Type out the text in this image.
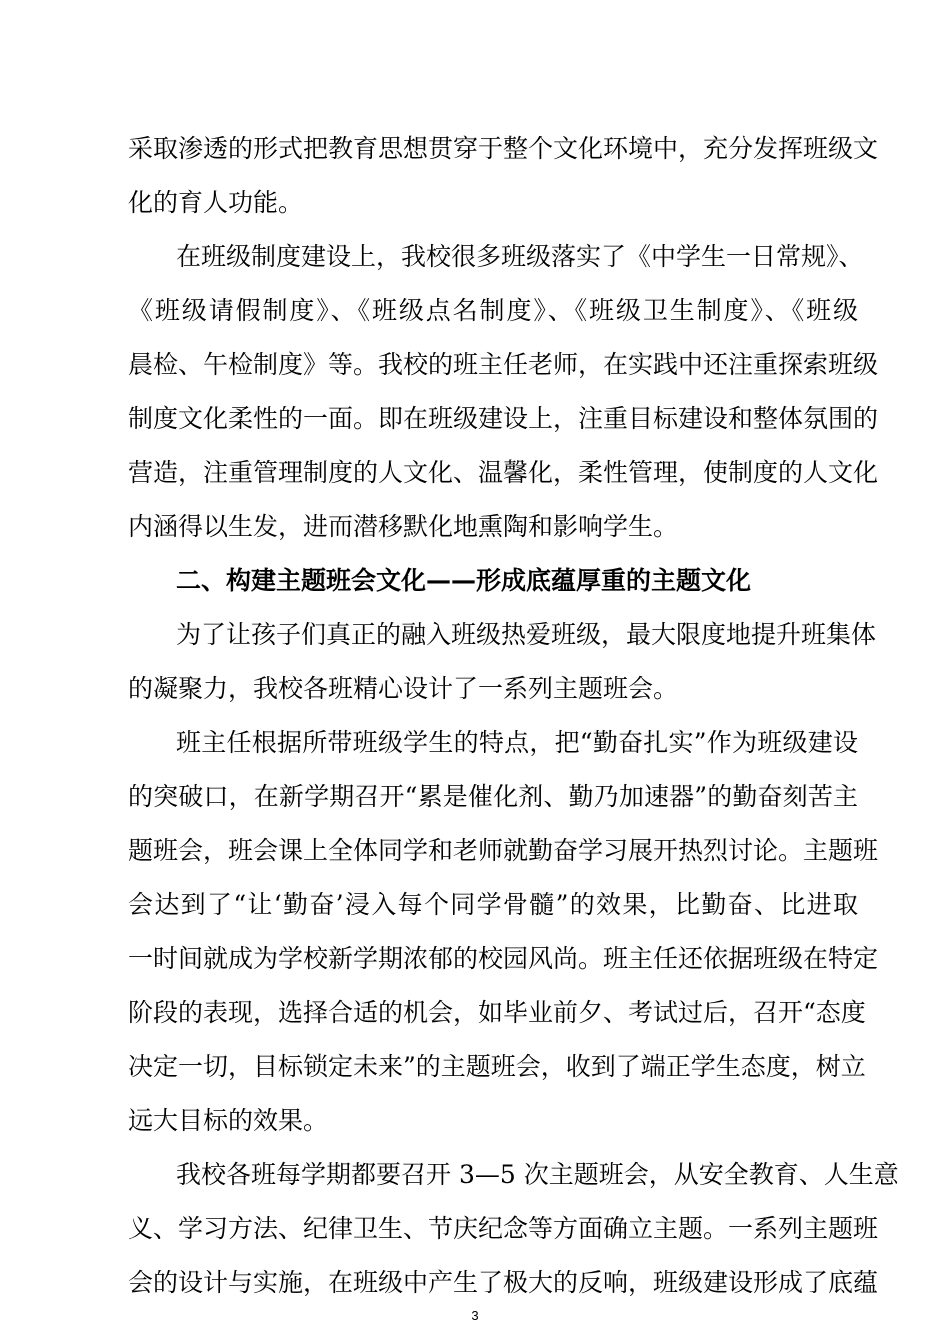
采取渗透的形式把教育思想贯穿于整个文化环境中，充分发挥班级文
化的育人功能。
在班级制度建设上，我校很多班级落实了《中学生一日常规》、
《班级请假制度》、《班级点名制度》、《班级卫生制度》、《班级
晨检、午检制度》等。我校的班主任老师，在实践中还注重探索班级
制度文化柔性的一面。即在班级建设上，注重目标建设和整体氛围的
营造，注重管理制度的人文化、温馨化，柔性管理，使制度的人文化
内涵得以生发，进而潜移默化地熏陶和影响学生。
二、构建主题班会文化——形成底蕴厚重的主题文化
为了让孩子们真正的融入班级热爱班级，最大限度地提升班集体
的凝聚力，我校各班精心设计了一系列主题班会。
班主任根据所带班级学生的特点，把“勤奋扎实”作为班级建设
的突破口，在新学期召开“累是催化剂、勤乃加速器”的勤奋刻苦主
题班会，班会课上全体同学和老师就勤奋学习展开热烈讨论。主题班
会达到了“让‘勤奋’浸入每个同学骨髓”的效果，比勤奋、比进取
一时间就成为学校新学期浓郁的校园风尚。班主任还依据班级在特定
阶段的表现，选择合适的机会，如毕业前夕、考试过后，召开“态度
决定一切，目标锁定未来”的主题班会，收到了端正学生态度，树立
远大目标的效果。
我校各班每学期都要召开 3—5 次主题班会，从安全教育、人生意
义、学习方法、纪律卫生、节庆纪念等方面确立主题。一系列主题班
会的设计与实施，在班级中产生了极大的反响，班级建设形成了底蕴
3
